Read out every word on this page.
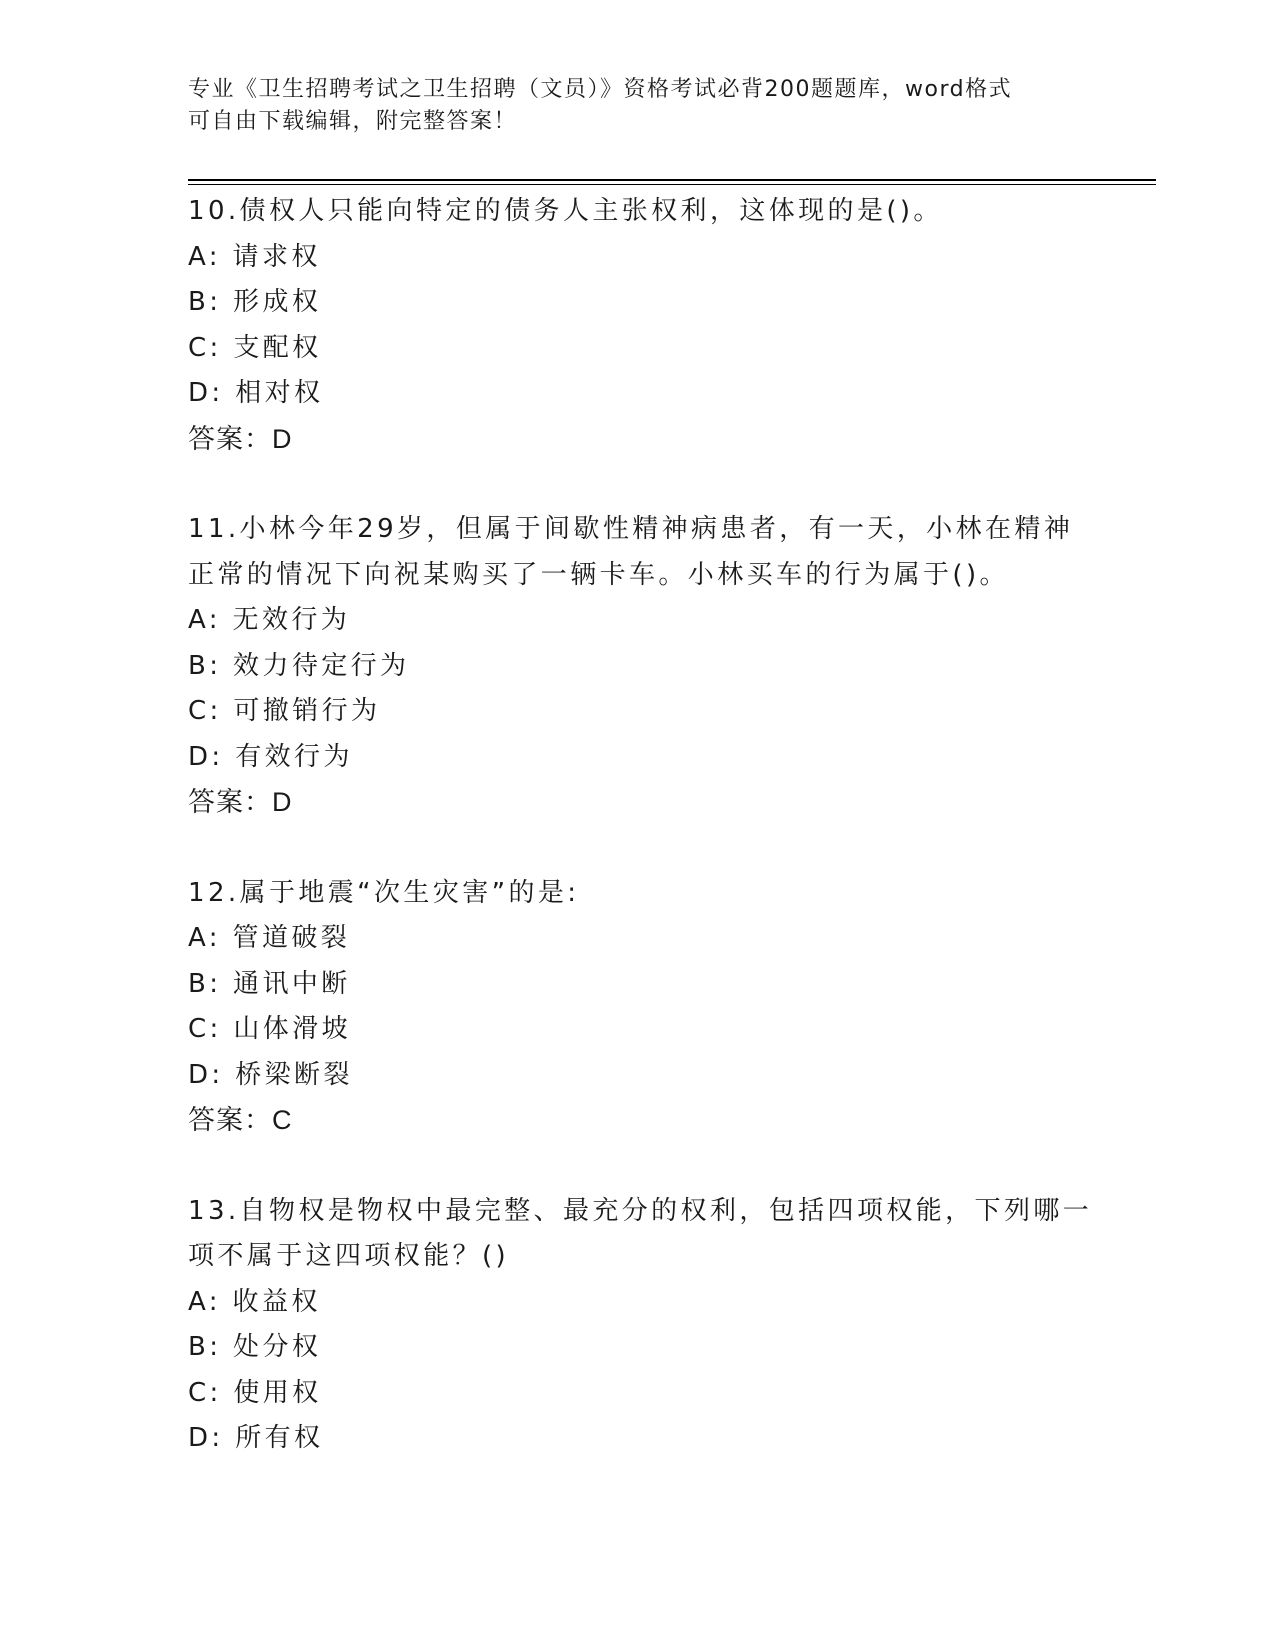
专业《卫生招聘考试之卫生招聘（文员）》资格考试必背200题题库，word格式
可自由下载编辑，附完整答案！
10.债权人只能向特定的债务人主张权利，这体现的是()。
A: 请求权
B: 形成权
C: 支配权
D: 相对权
答案：D
11.小林今年29岁，但属于间歇性精神病患者，有一天，小林在精神
正常的情况下向祝某购买了一辆卡车。小林买车的行为属于()。
A: 无效行为
B: 效力待定行为
C: 可撤销行为
D: 有效行为
答案：D
12.属于地震“次生灾害”的是:
A: 管道破裂
B: 通讯中断
C: 山体滑坡
D: 桥梁断裂
答案：C
13.自物权是物权中最完整、最充分的权利，包括四项权能，下列哪一
项不属于这四项权能？()
A: 收益权
B: 处分权
C: 使用权
D: 所有权
